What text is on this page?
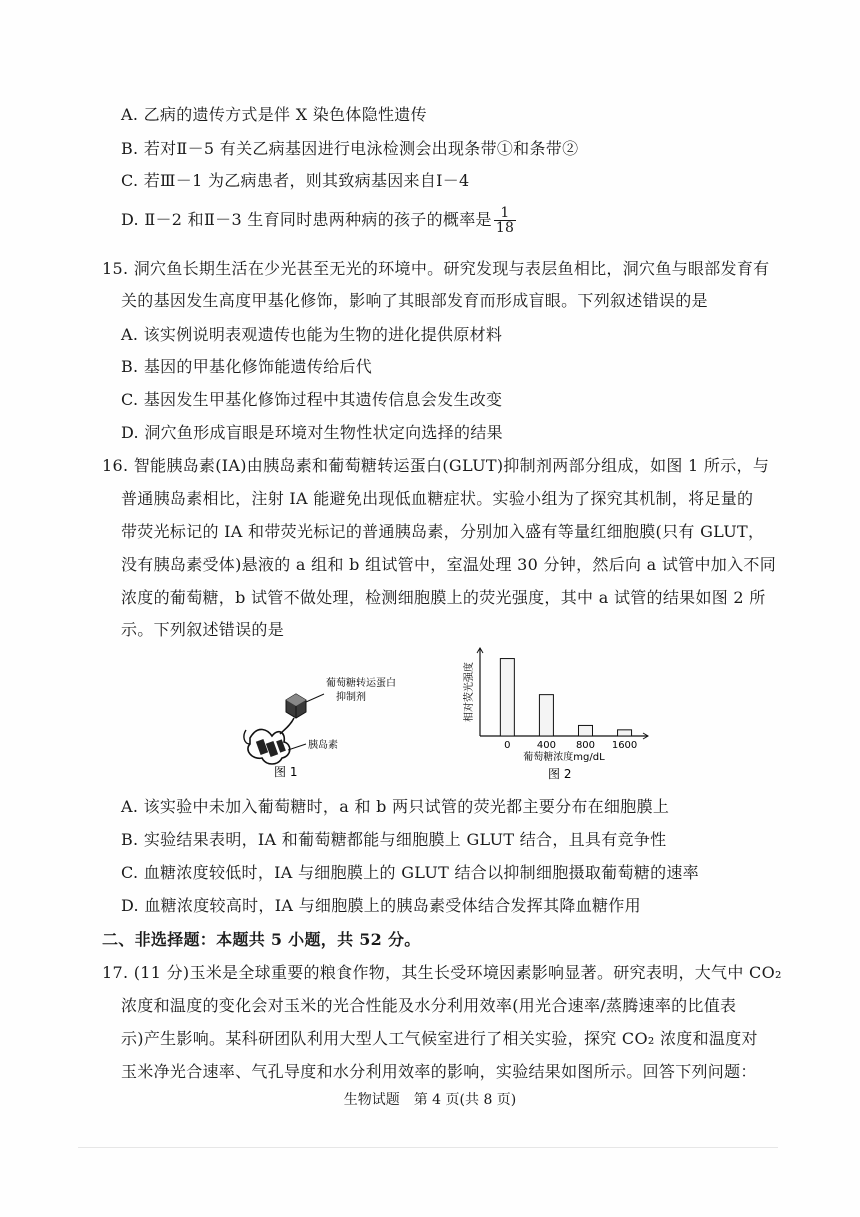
A. 乙病的遗传方式是伴 X 染色体隐性遗传
B. 若对Ⅱ－5 有关乙病基因进行电泳检测会出现条带①和条带②
C. 若Ⅲ－1 为乙病患者，则其致病基因来自Ⅰ－4
D. Ⅱ－2 和Ⅱ－3 生育同时患两种病的孩子的概率是 $\frac{1}{18}$
15. 洞穴鱼长期生活在少光甚至无光的环境中。研究发现与表层鱼相比，洞穴鱼与眼部发育有
关的基因发生高度甲基化修饰，影响了其眼部发育而形成盲眼。下列叙述错误的是
A. 该实例说明表观遗传也能为生物的进化提供原材料
B. 基因的甲基化修饰能遗传给后代
C. 基因发生甲基化修饰过程中其遗传信息会发生改变
D. 洞穴鱼形成盲眼是环境对生物性状定向选择的结果
16. 智能胰岛素(IA)由胰岛素和葡萄糖转运蛋白(GLUT)抑制剂两部分组成，如图 1 所示，与
普通胰岛素相比，注射 IA 能避免出现低血糖症状。实验小组为了探究其机制，将足量的
带荧光标记的 IA 和带荧光标记的普通胰岛素，分别加入盛有等量红细胞膜(只有 GLUT，
没有胰岛素受体)悬液的 a 组和 b 组试管中，室温处理 30 分钟，然后向 a 试管中加入不同
浓度的葡萄糖，b 试管不做处理，检测细胞膜上的荧光强度，其中 a 试管的结果如图 2 所
示。下列叙述错误的是
葡萄糖转运蛋白
抑制剂
胰岛素
图 1
相对荧光强度
葡萄糖浓度mg/dL
图 2
0	400 800 1600
A. 该实验中未加入葡萄糖时，a 和 b 两只试管的荧光都主要分布在细胞膜上
B. 实验结果表明，IA 和葡萄糖都能与细胞膜上 GLUT 结合，且具有竞争性
C. 血糖浓度较低时，IA 与细胞膜上的 GLUT 结合以抑制细胞摄取葡萄糖的速率
D. 血糖浓度较高时，IA 与细胞膜上的胰岛素受体结合发挥其降血糖作用
二、非选择题：本题共 5 小题，共 52 分。
17. (11 分)玉米是全球重要的粮食作物，其生长受环境因素影响显著。研究表明，大气中 CO₂
浓度和温度的变化会对玉米的光合性能及水分利用效率(用光合速率/蒸腾速率的比值表
示)产生影响。某科研团队利用大型人工气候室进行了相关实验，探究 CO₂ 浓度和温度对
玉米净光合速率、气孔导度和水分利用效率的影响，实验结果如图所示。回答下列问题：
生物试题　第 4 页(共 8 页)
